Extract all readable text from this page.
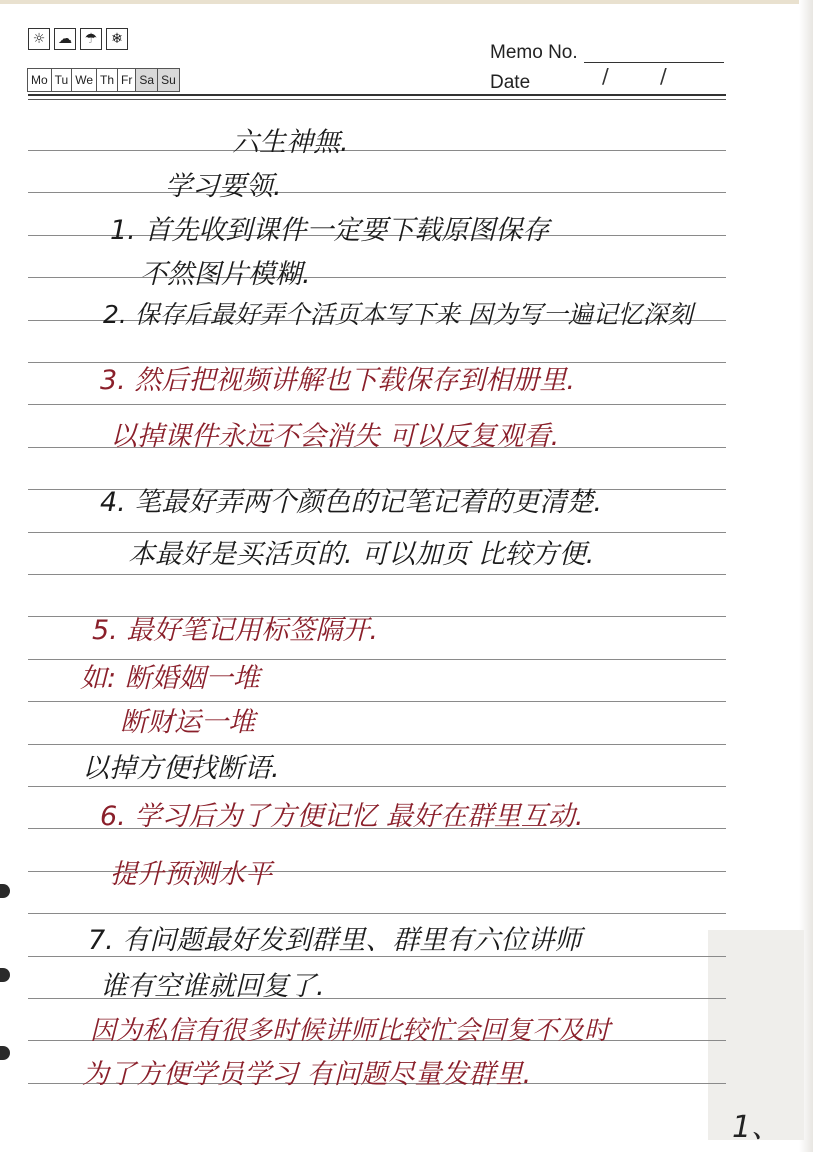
☼ ☁ ☂ ❄
Mo Tu We Th Fr Sa Su
Memo No.
Date	/	/
六生神無.
学习要领.
1. 首先收到课件一定要下载原图保存
不然图片模糊.
2. 保存后最好弄个活页本写下来 因为写一遍记忆深刻
3. 然后把视频讲解也下载保存到相册里.
以掉课件永远不会消失 可以反复观看.
4. 笔最好弄两个颜色的记笔记着的更清楚.
本最好是买活页的. 可以加页 比较方便.
5. 最好笔记用标签隔开.
如: 断婚姻一堆
断财运一堆
以掉方便找断语.
6. 学习后为了方便记忆 最好在群里互动.
提升预测水平
7. 有问题最好发到群里、群里有六位讲师
谁有空谁就回复了.
因为私信有很多时候讲师比较忙会回复不及时
为了方便学员学习 有问题尽量发群里.
1、
